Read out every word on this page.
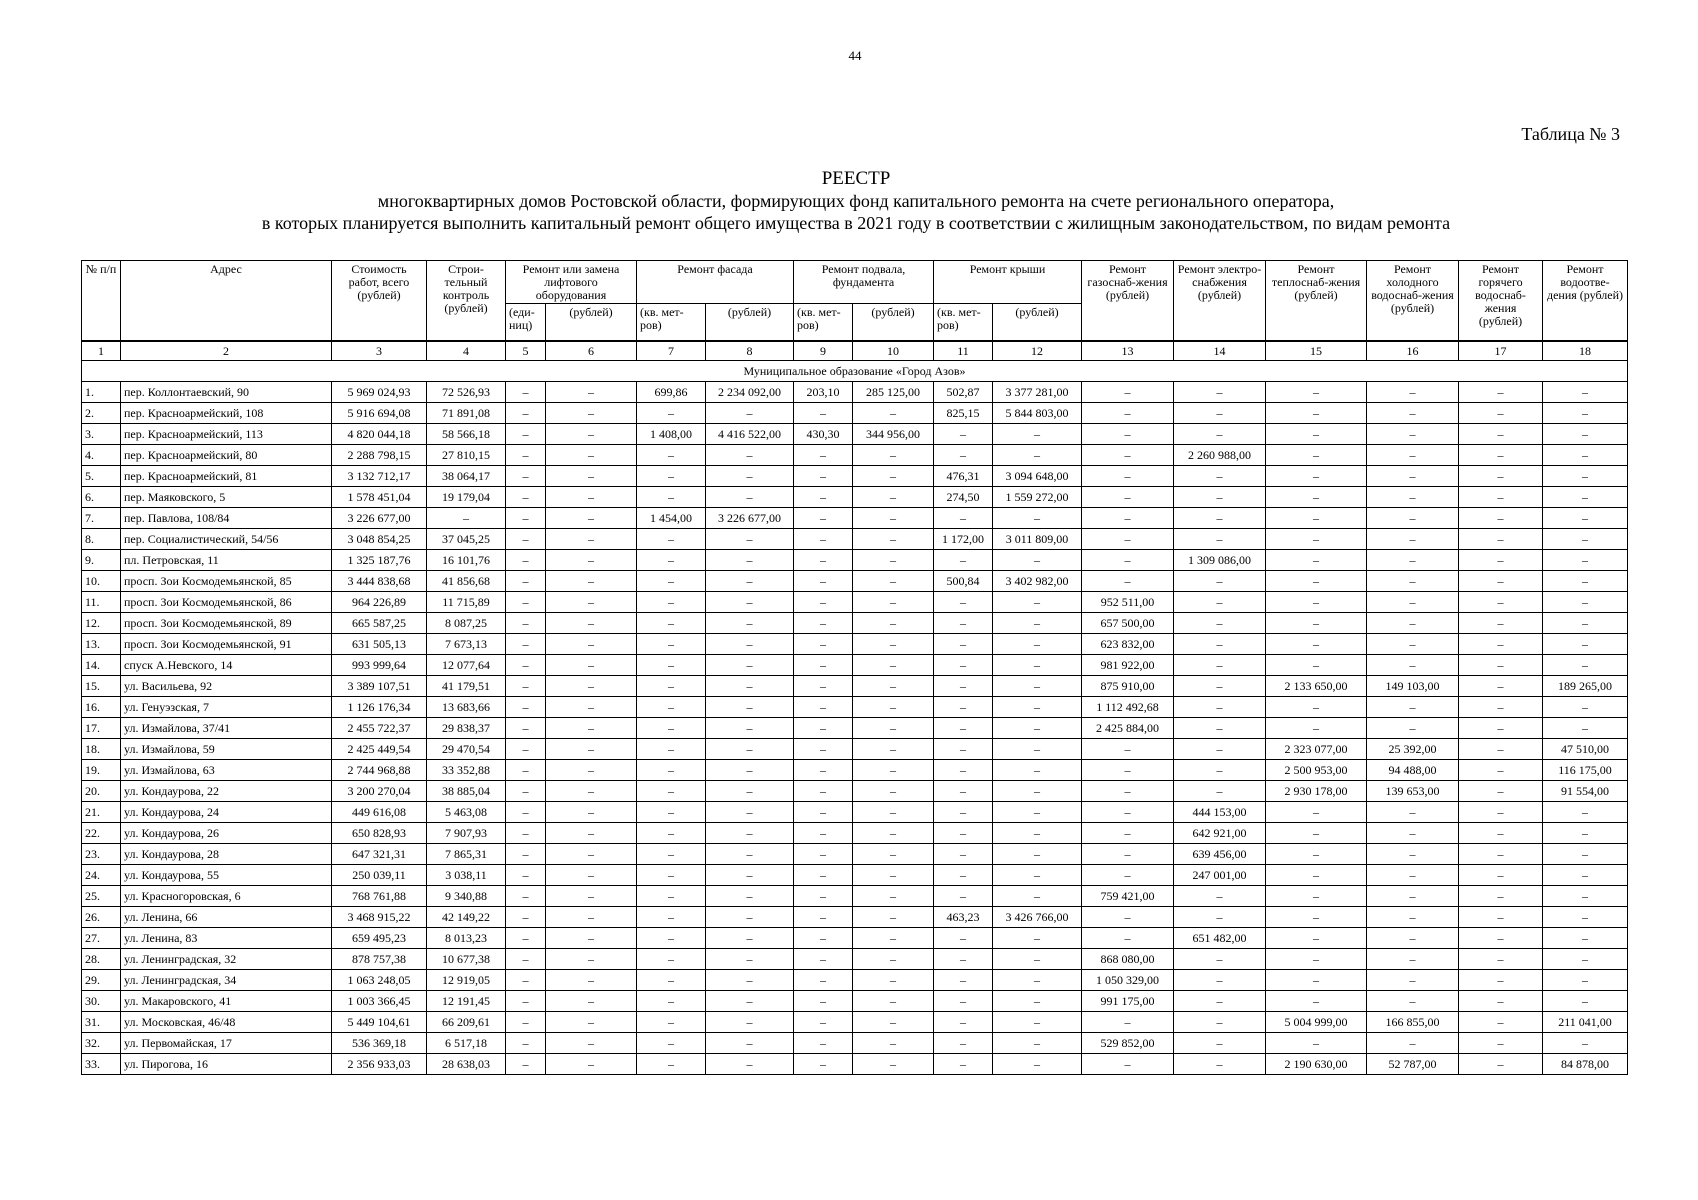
44
Таблица № 3
РЕЕСТР
многоквартирных домов Ростовской области, формирующих фонд капитального ремонта на счете регионального оператора,
в которых планируется выполнить капитальный ремонт общего имущества в 2021 году в соответствии с жилищным законодательством, по видам ремонта
№ п/п	Адрес	Стоимость работ, всего (рублей)	Строи-тельный контроль (рублей)	Ремонт или замена лифтового оборудования		Ремонт фасада		Ремонт подвала, фундамента		Ремонт крыши		Ремонт газоснаб-жения (рублей)	Ремонт электро-снабжения (рублей)	Ремонт теплоснаб-жения (рублей)	Ремонт холодного водоснаб-жения (рублей)	Ремонт горячего водоснаб-жения (рублей)	Ремонт водоотве-дения (рублей)
				(еди-ниц)	(рублей)	(кв. мет-ров)	(рублей)	(кв. мет-ров)	(рублей)	(кв. мет-ров)	(рублей)						
1	2	3	4	5	6	7	8	9	10	11	12	13	14	15	16	17	18
Муниципальное образование «Город Азов»																	
1.	пер. Коллонтаевский, 90	5 969 024,93	72 526,93	–	–	699,86	2 234 092,00	203,10	285 125,00	502,87	3 377 281,00	–	–	–	–	–	–
2.	пер. Красноармейский, 108	5 916 694,08	71 891,08	–	–	–	–	–	–	825,15	5 844 803,00	–	–	–	–	–	–
3.	пер. Красноармейский, 113	4 820 044,18	58 566,18	–	–	1 408,00	4 416 522,00	430,30	344 956,00	–	–	–	–	–	–	–	–
4.	пер. Красноармейский, 80	2 288 798,15	27 810,15	–	–	–	–	–	–	–	–	–	2 260 988,00	–	–	–	–
5.	пер. Красноармейский, 81	3 132 712,17	38 064,17	–	–	–	–	–	–	476,31	3 094 648,00	–	–	–	–	–	–
6.	пер. Маяковского, 5	1 578 451,04	19 179,04	–	–	–	–	–	–	274,50	1 559 272,00	–	–	–	–	–	–
7.	пер. Павлова, 108/84	3 226 677,00	–	–	–	1 454,00	3 226 677,00	–	–	–	–	–	–	–	–	–	–
8.	пер. Социалистический, 54/56	3 048 854,25	37 045,25	–	–	–	–	–	–	1 172,00	3 011 809,00	–	–	–	–	–	–
9.	пл. Петровская, 11	1 325 187,76	16 101,76	–	–	–	–	–	–	–	–	–	1 309 086,00	–	–	–	–
10.	просп. Зои Космодемьянской, 85	3 444 838,68	41 856,68	–	–	–	–	–	–	500,84	3 402 982,00	–	–	–	–	–	–
11.	просп. Зои Космодемьянской, 86	964 226,89	11 715,89	–	–	–	–	–	–	–	–	952 511,00	–	–	–	–	–
12.	просп. Зои Космодемьянской, 89	665 587,25	8 087,25	–	–	–	–	–	–	–	–	657 500,00	–	–	–	–	–
13.	просп. Зои Космодемьянской, 91	631 505,13	7 673,13	–	–	–	–	–	–	–	–	623 832,00	–	–	–	–	–
14.	спуск А.Невского, 14	993 999,64	12 077,64	–	–	–	–	–	–	–	–	981 922,00	–	–	–	–	–
15.	ул. Васильева, 92	3 389 107,51	41 179,51	–	–	–	–	–	–	–	–	875 910,00	–	2 133 650,00	149 103,00	–	189 265,00
16.	ул. Генуэзская, 7	1 126 176,34	13 683,66	–	–	–	–	–	–	–	–	1 112 492,68	–	–	–	–	–
17.	ул. Измайлова, 37/41	2 455 722,37	29 838,37	–	–	–	–	–	–	–	–	2 425 884,00	–	–	–	–	–
18.	ул. Измайлова, 59	2 425 449,54	29 470,54	–	–	–	–	–	–	–	–	–	–	2 323 077,00	25 392,00	–	47 510,00
19.	ул. Измайлова, 63	2 744 968,88	33 352,88	–	–	–	–	–	–	–	–	–	–	2 500 953,00	94 488,00	–	116 175,00
20.	ул. Кондаурова, 22	3 200 270,04	38 885,04	–	–	–	–	–	–	–	–	–	–	2 930 178,00	139 653,00	–	91 554,00
21.	ул. Кондаурова, 24	449 616,08	5 463,08	–	–	–	–	–	–	–	–	–	444 153,00	–	–	–	–
22.	ул. Кондаурова, 26	650 828,93	7 907,93	–	–	–	–	–	–	–	–	–	642 921,00	–	–	–	–
23.	ул. Кондаурова, 28	647 321,31	7 865,31	–	–	–	–	–	–	–	–	–	639 456,00	–	–	–	–
24.	ул. Кондаурова, 55	250 039,11	3 038,11	–	–	–	–	–	–	–	–	–	247 001,00	–	–	–	–
25.	ул. Красногоровская, 6	768 761,88	9 340,88	–	–	–	–	–	–	–	–	759 421,00	–	–	–	–	–
26.	ул. Ленина, 66	3 468 915,22	42 149,22	–	–	–	–	–	–	463,23	3 426 766,00	–	–	–	–	–	–
27.	ул. Ленина, 83	659 495,23	8 013,23	–	–	–	–	–	–	–	–	–	651 482,00	–	–	–	–
28.	ул. Ленинградская, 32	878 757,38	10 677,38	–	–	–	–	–	–	–	–	868 080,00	–	–	–	–	–
29.	ул. Ленинградская, 34	1 063 248,05	12 919,05	–	–	–	–	–	–	–	–	1 050 329,00	–	–	–	–	–
30.	ул. Макаровского, 41	1 003 366,45	12 191,45	–	–	–	–	–	–	–	–	991 175,00	–	–	–	–	–
31.	ул. Московская, 46/48	5 449 104,61	66 209,61	–	–	–	–	–	–	–	–	–	–	5 004 999,00	166 855,00	–	211 041,00
32.	ул. Первомайская, 17	536 369,18	6 517,18	–	–	–	–	–	–	–	–	529 852,00	–	–	–	–	–
33.	ул. Пирогова, 16	2 356 933,03	28 638,03	–	–	–	–	–	–	–	–	–	–	2 190 630,00	52 787,00	–	84 878,00
